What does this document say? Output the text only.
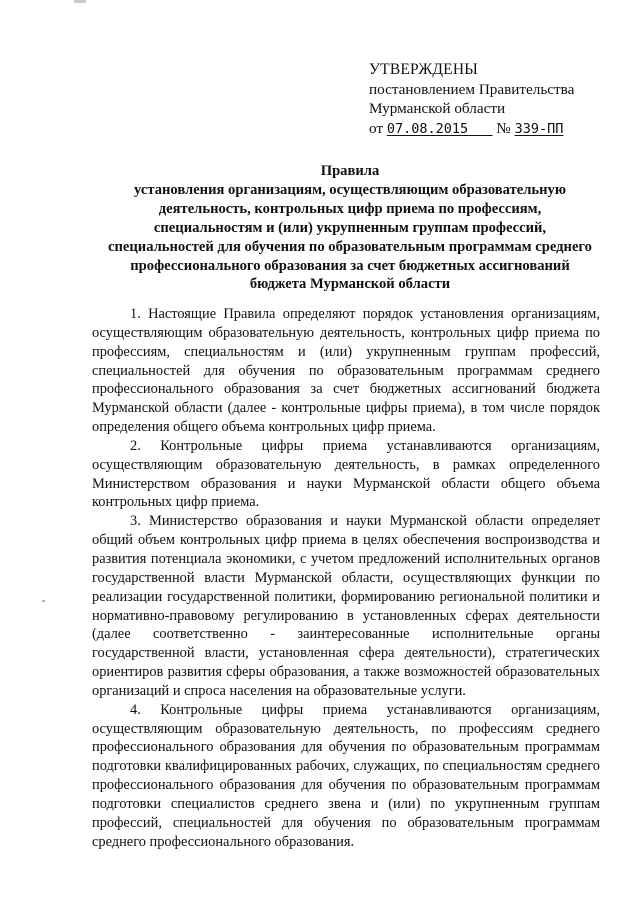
УТВЕРЖДЕНЫ
постановлением Правительства
Мурманской области
от 07.08.2015 № 339-ПП
Правила
установления организациям, осуществляющим образовательную
деятельность, контрольных цифр приема по профессиям,
специальностям и (или) укрупненным группам профессий,
специальностей для обучения по образовательным программам среднего
профессионального образования за счет бюджетных ассигнований
бюджета Мурманской области

1. Настоящие Правила определяют порядок установления организациям, осуществляющим образовательную деятельность, контрольных цифр приема по профессиям, специальностям и (или) укрупненным группам профессий, специальностей для обучения по образовательным программам среднего профессионального образования за счет бюджетных ассигнований бюджета Мурманской области (далее - контрольные цифры приема), в том числе порядок определения общего объема контрольных цифр приема.

2. Контрольные цифры приема устанавливаются организациям, осуществляющим образовательную деятельность, в рамках определенного Министерством образования и науки Мурманской области общего объема контрольных цифр приема.

3. Министерство образования и науки Мурманской области определяет общий объем контрольных цифр приема в целях обеспечения воспроизводства и развития потенциала экономики, с учетом предложений исполнительных органов государственной власти Мурманской области, осуществляющих функции по реализации государственной политики, формированию региональной политики и нормативно-правовому регулированию в установленных сферах деятельности (далее соответственно - заинтересованные исполнительные органы государственной власти, установленная сфера деятельности), стратегических ориентиров развития сферы образования, а также возможностей образовательных организаций и спроса населения на образовательные услуги.

4. Контрольные цифры приема устанавливаются организациям, осуществляющим образовательную деятельность, по профессиям среднего профессионального образования для обучения по образовательным программам подготовки квалифицированных рабочих, служащих, по специальностям среднего профессионального образования для обучения по образовательным программам подготовки специалистов среднего звена и (или) по укрупненным группам профессий, специальностей для обучения по образовательным программам среднего профессионального образования.
